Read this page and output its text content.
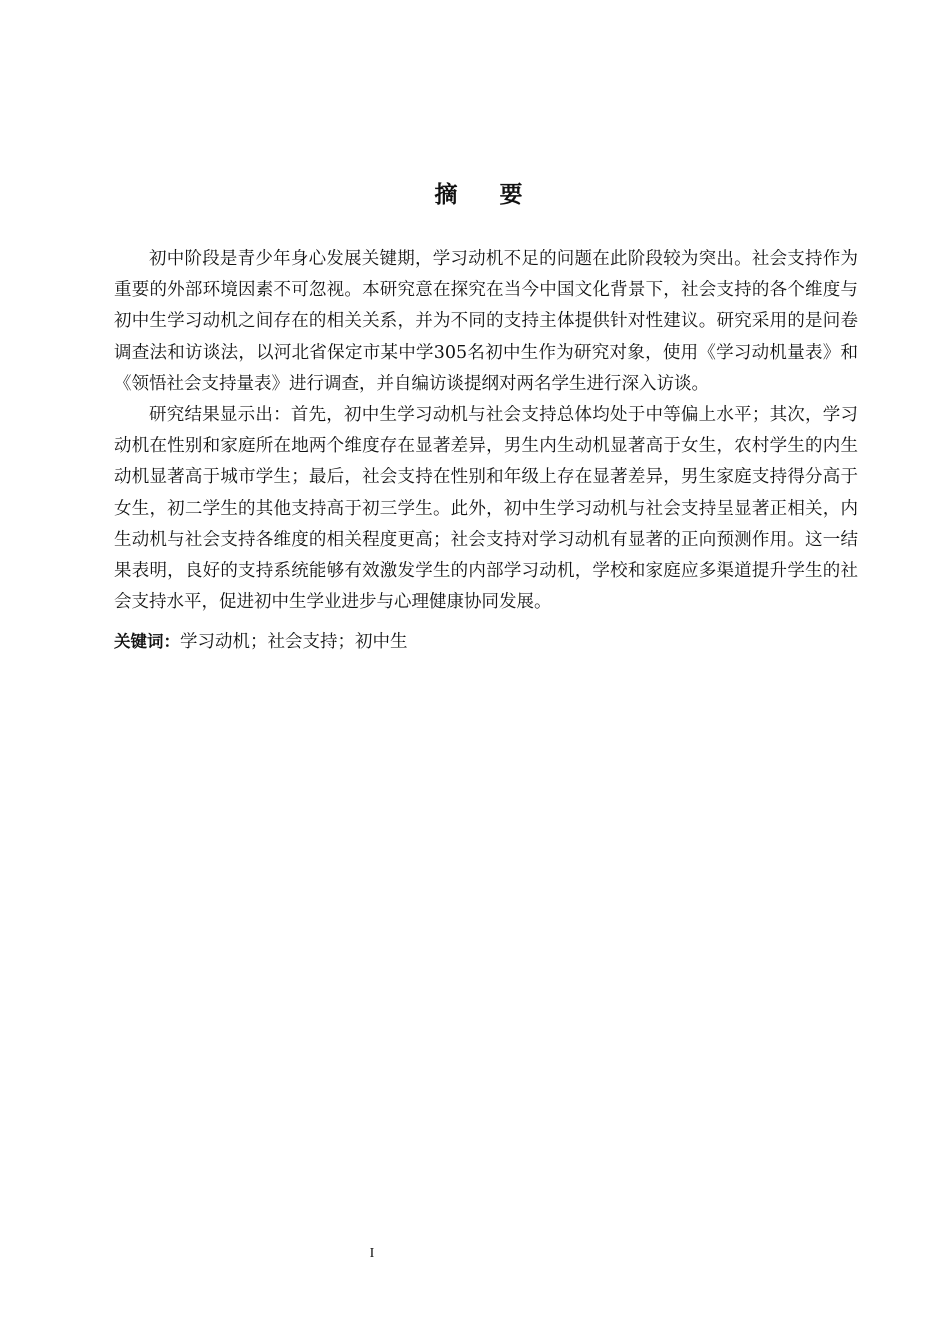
摘 要

初中阶段是青少年身心发展关键期，学习动机不足的问题在此阶段较为突出。社会支持作为重要的外部环境因素不可忽视。本研究意在探究在当今中国文化背景下，社会支持的各个维度与初中生学习动机之间存在的相关关系，并为不同的支持主体提供针对性建议。研究采用的是问卷调查法和访谈法，以河北省保定市某中学305名初中生作为研究对象，使用《学习动机量表》和《领悟社会支持量表》进行调查，并自编访谈提纲对两名学生进行深入访谈。

研究结果显示出：首先，初中生学习动机与社会支持总体均处于中等偏上水平；其次，学习动机在性别和家庭所在地两个维度存在显著差异，男生内生动机显著高于女生，农村学生的内生动机显著高于城市学生；最后，社会支持在性别和年级上存在显著差异，男生家庭支持得分高于女生，初二学生的其他支持高于初三学生。此外，初中生学习动机与社会支持呈显著正相关，内生动机与社会支持各维度的相关程度更高；社会支持对学习动机有显著的正向预测作用。这一结果表明，良好的支持系统能够有效激发学生的内部学习动机，学校和家庭应多渠道提升学生的社会支持水平，促进初中生学业进步与心理健康协同发展。

关键词：学习动机；社会支持；初中生

I
